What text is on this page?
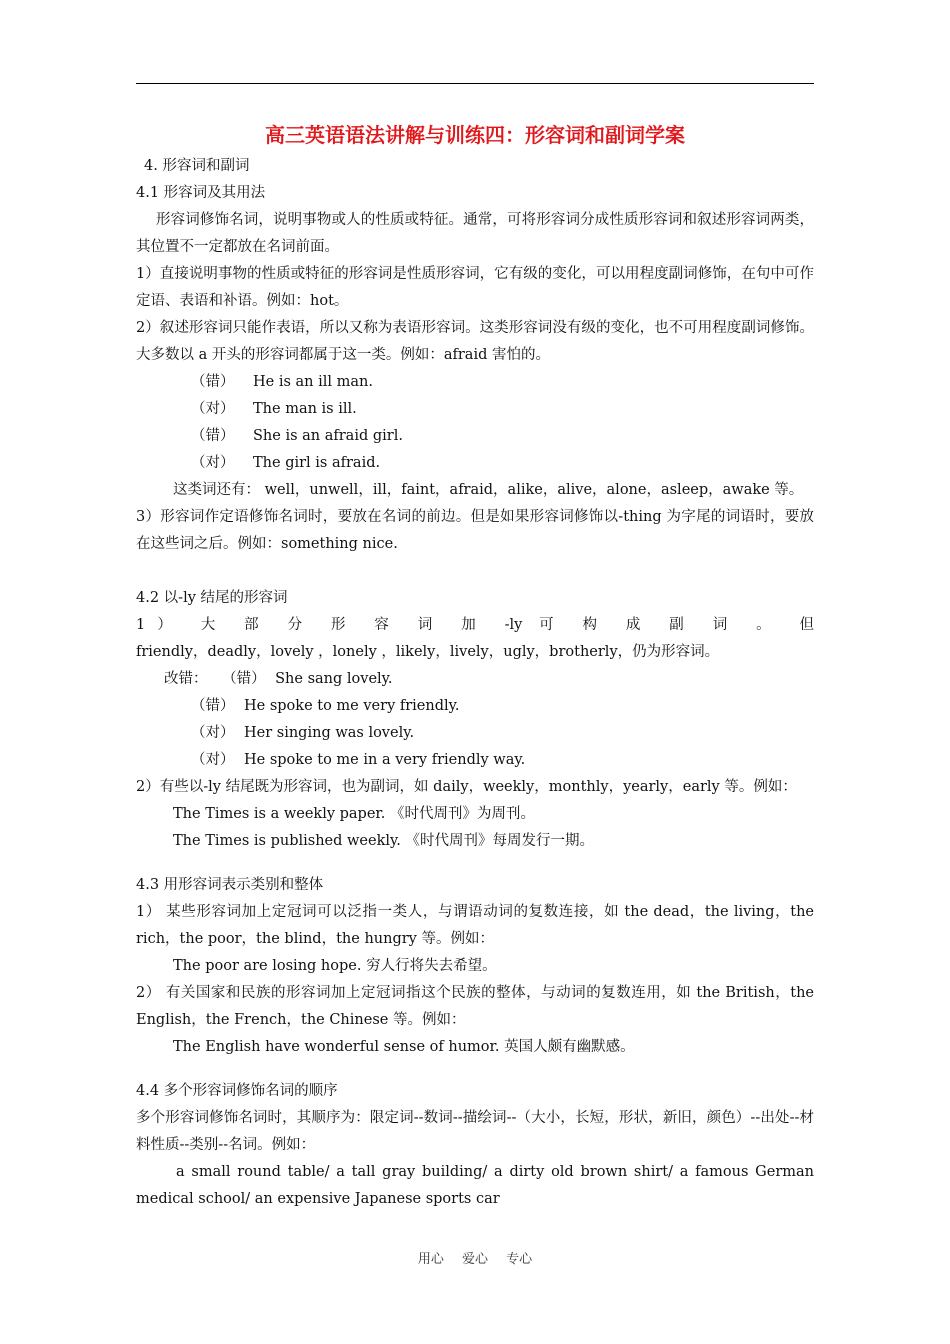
高三英语语法讲解与训练四：形容词和副词学案

4. 形容词和副词

4.1 形容词及其用法

形容词修饰名词，说明事物或人的性质或特征。通常，可将形容词分成性质形容词和叙述形容词两类，其位置不一定都放在名词前面。

1）直接说明事物的性质或特征的形容词是性质形容词，它有级的变化，可以用程度副词修饰，在句中可作定语、表语和补语。例如：hot。

2）叙述形容词只能作表语，所以又称为表语形容词。这类形容词没有级的变化，也不可用程度副词修饰。大多数以 a 开头的形容词都属于这一类。例如：afraid 害怕的。

（错） He is an ill man.

（对） The man is ill.

（错） She is an afraid girl.

（对） The girl is afraid.

这类词还有： well，unwell，ill，faint，afraid，alike，alive，alone，asleep，awake 等。

3）形容词作定语修饰名词时，要放在名词的前边。但是如果形容词修饰以-thing 为字尾的词语时，要放在这些词之后。例如：something nice.

4.2 以-ly 结尾的形容词

1） 大 部 分 形 容 词 加 -ly 可 构 成 副 词 。 但

friendly，deadly，lovely ，lonely ，likely，lively，ugly，brotherly，仍为形容词。

改错： （错） She sang lovely.

（错） He spoke to me very friendly.

（对） Her singing was lovely.

（对） He spoke to me in a very friendly way.

2）有些以-ly 结尾既为形容词，也为副词，如 daily，weekly，monthly，yearly，early 等。例如：

The Times is a weekly paper. 《时代周刊》为周刊。

The Times is published weekly. 《时代周刊》每周发行一期。

4.3 用形容词表示类别和整体

1） 某些形容词加上定冠词可以泛指一类人，与谓语动词的复数连接，如 the dead，the living，the rich，the poor，the blind，the hungry 等。例如：

The poor are losing hope. 穷人行将失去希望。

2） 有关国家和民族的形容词加上定冠词指这个民族的整体，与动词的复数连用，如 the British，the English，the French，the Chinese 等。例如：

The English have wonderful sense of humor. 英国人颇有幽默感。

4.4 多个形容词修饰名词的顺序

多个形容词修饰名词时，其顺序为：限定词--数词--描绘词--（大小，长短，形状，新旧，颜色）--出处--材料性质--类别--名词。例如：

a small round table/ a tall gray building/ a dirty old brown shirt/ a famous German medical school/ an expensive Japanese sports car

用心 爱心 专心
